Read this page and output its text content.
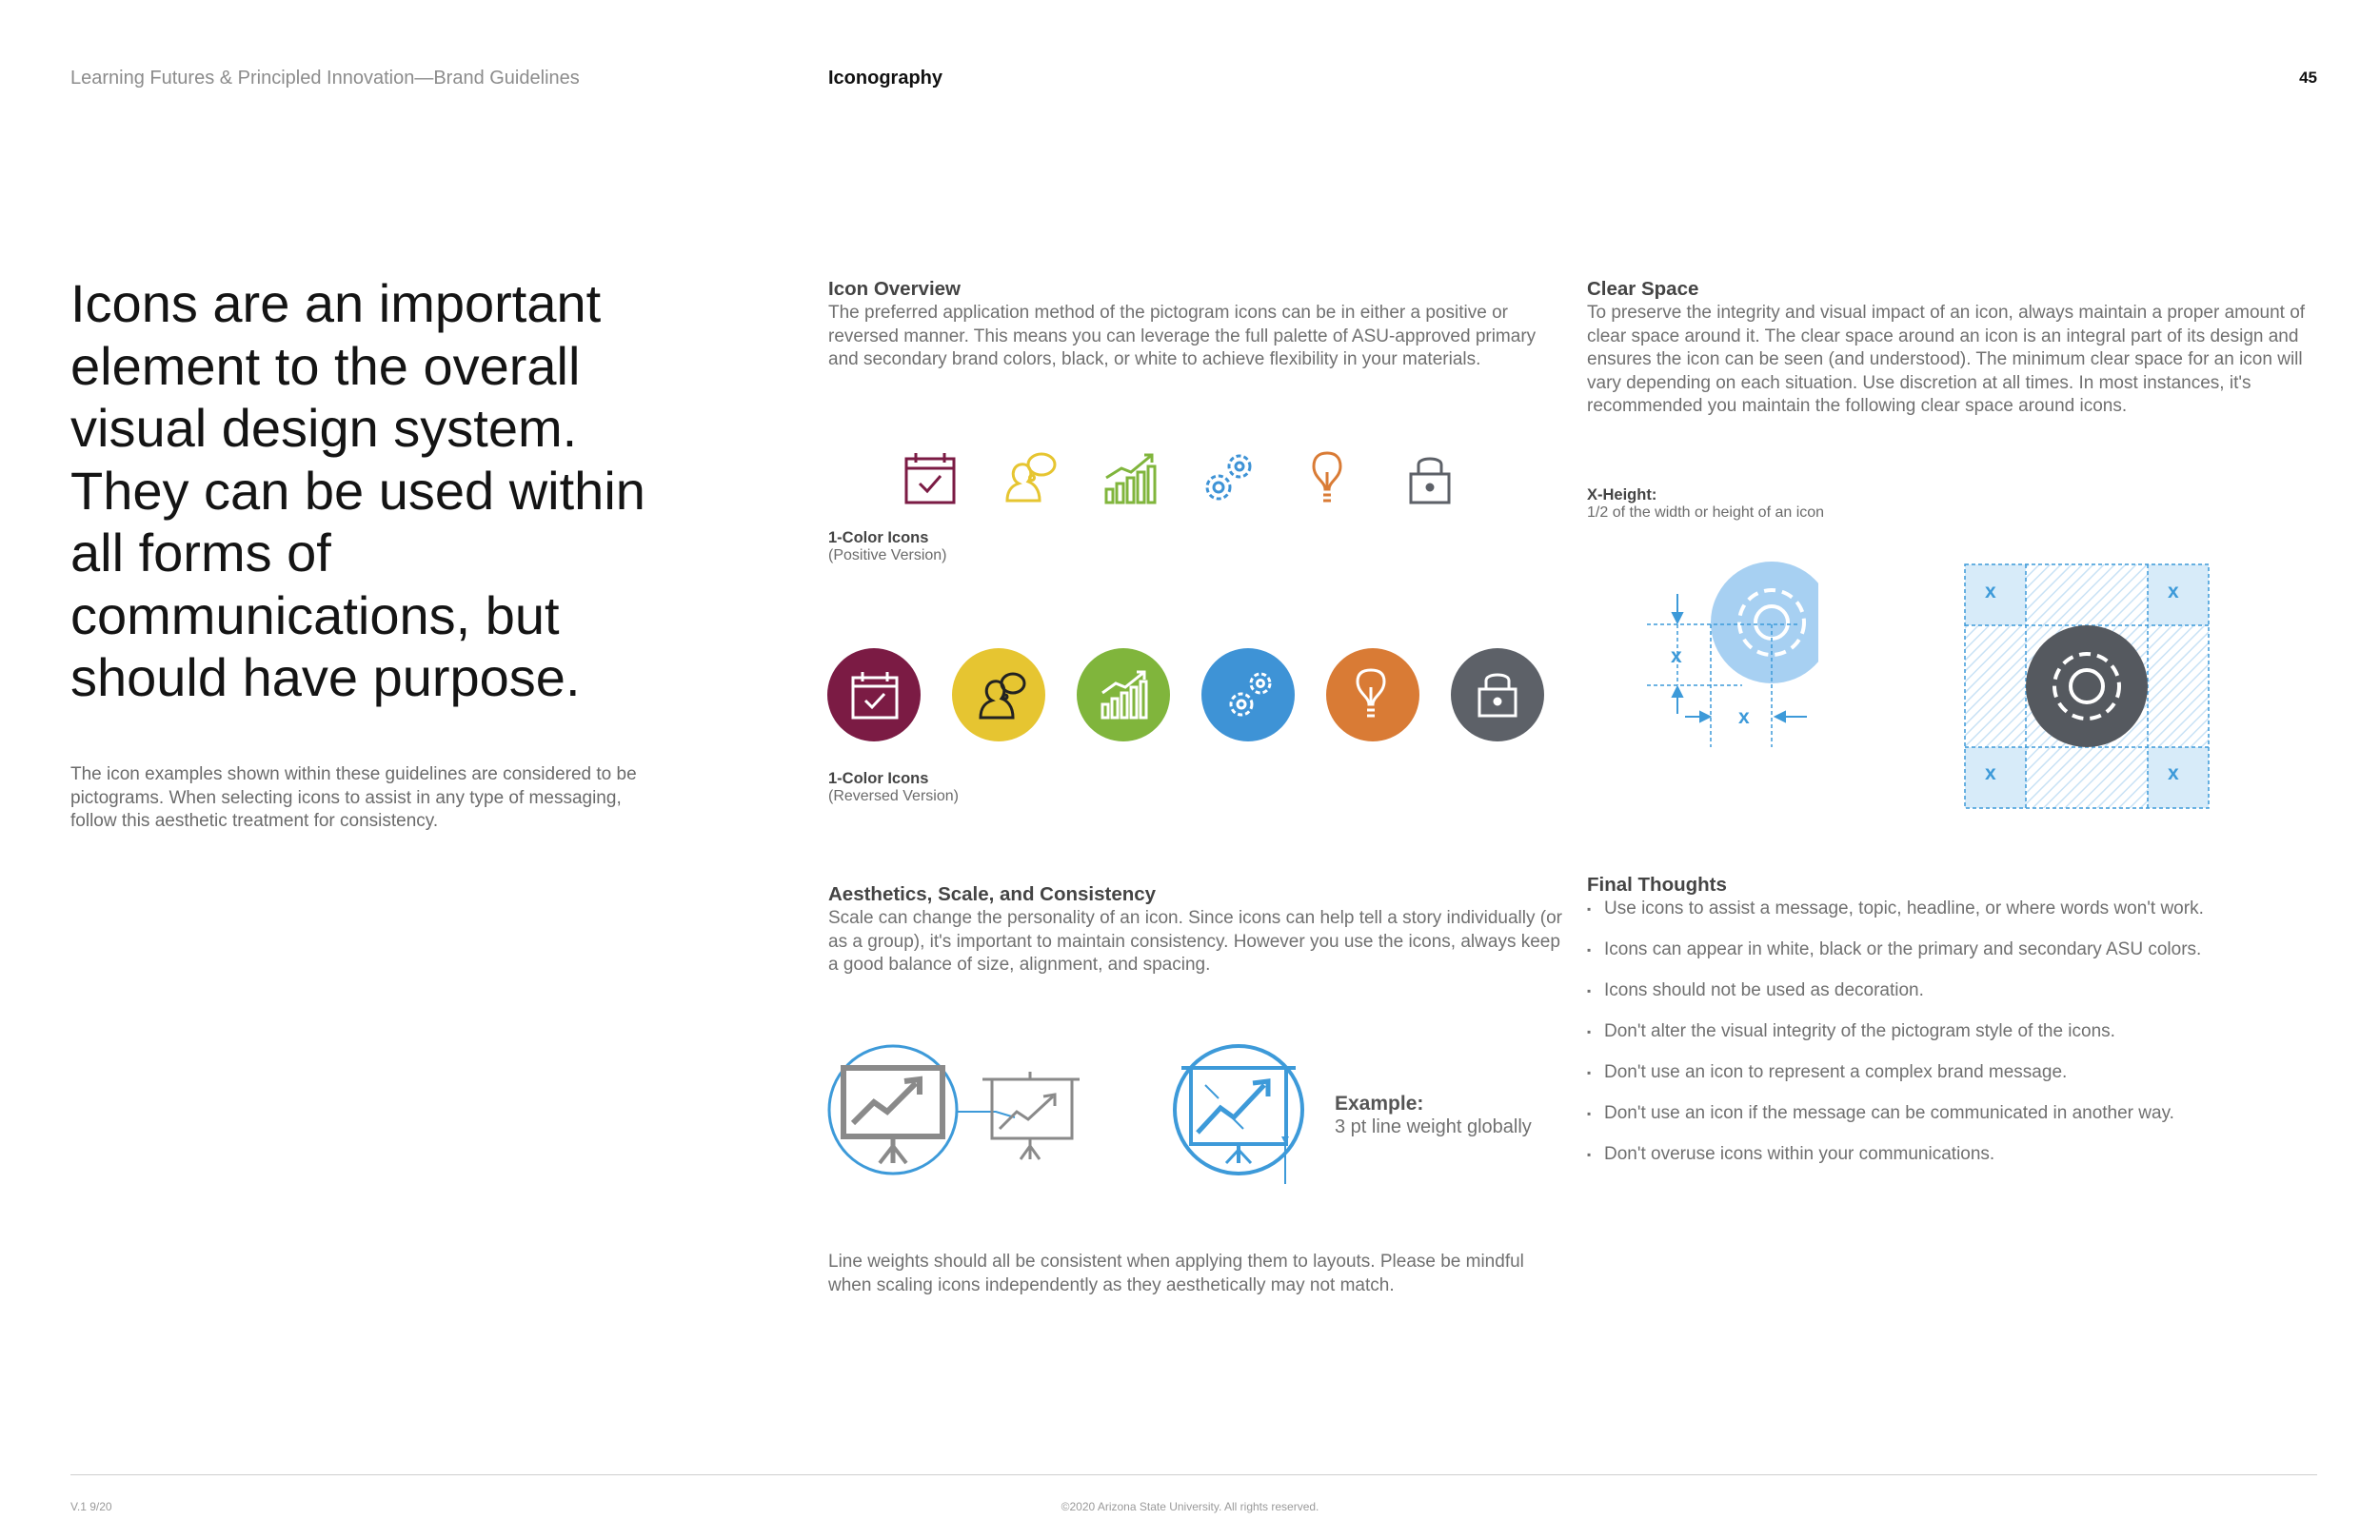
Learning Futures & Principled Innovation—Brand Guidelines	Iconography	45
Icons are an important element to the overall visual design system. They can be used within all forms of communications, but should have purpose.
The icon examples shown within these guidelines are considered to be pictograms. When selecting icons to assist in any type of messaging, follow this aesthetic treatment for consistency.
Icon Overview
The preferred application method of the pictogram icons can be in either a positive or reversed manner. This means you can leverage the full palette of ASU-approved primary and secondary brand colors, black, or white to achieve flexibility in your materials.
1-Color Icons
(Positive Version)
1-Color Icons
(Reversed Version)
Clear Space
To preserve the integrity and visual impact of an icon, always maintain a proper amount of clear space around it. The clear space around an icon is an integral part of its design and ensures the icon can be seen (and understood). The minimum clear space for an icon will vary depending on each situation. Use discretion at all times. In most instances, it's recommended you maintain the following clear space around icons.
X-Height:
1/2 of the width or height of an icon
x
x
x	x
x	x
Aesthetics, Scale, and Consistency
Scale can change the personality of an icon. Since icons can help tell a story individually (or as a group), it's important to maintain consistency. However you use the icons, always keep a good balance of size, alignment, and spacing.
Example:
3 pt line weight globally
Line weights should all be consistent when applying them to layouts. Please be mindful when scaling icons independently as they aesthetically may not match.
Final Thoughts
▪ Use icons to assist a message, topic, headline, or where words won't work.
▪ Icons can appear in white, black or the primary and secondary ASU colors.
▪ Icons should not be used as decoration.
▪ Don't alter the visual integrity of the pictogram style of the icons.
▪ Don't use an icon to represent a complex brand message.
▪ Don't use an icon if the message can be communicated in another way.
▪ Don't overuse icons within your communications.
V.1 9/20	©2020 Arizona State University. All rights reserved.
